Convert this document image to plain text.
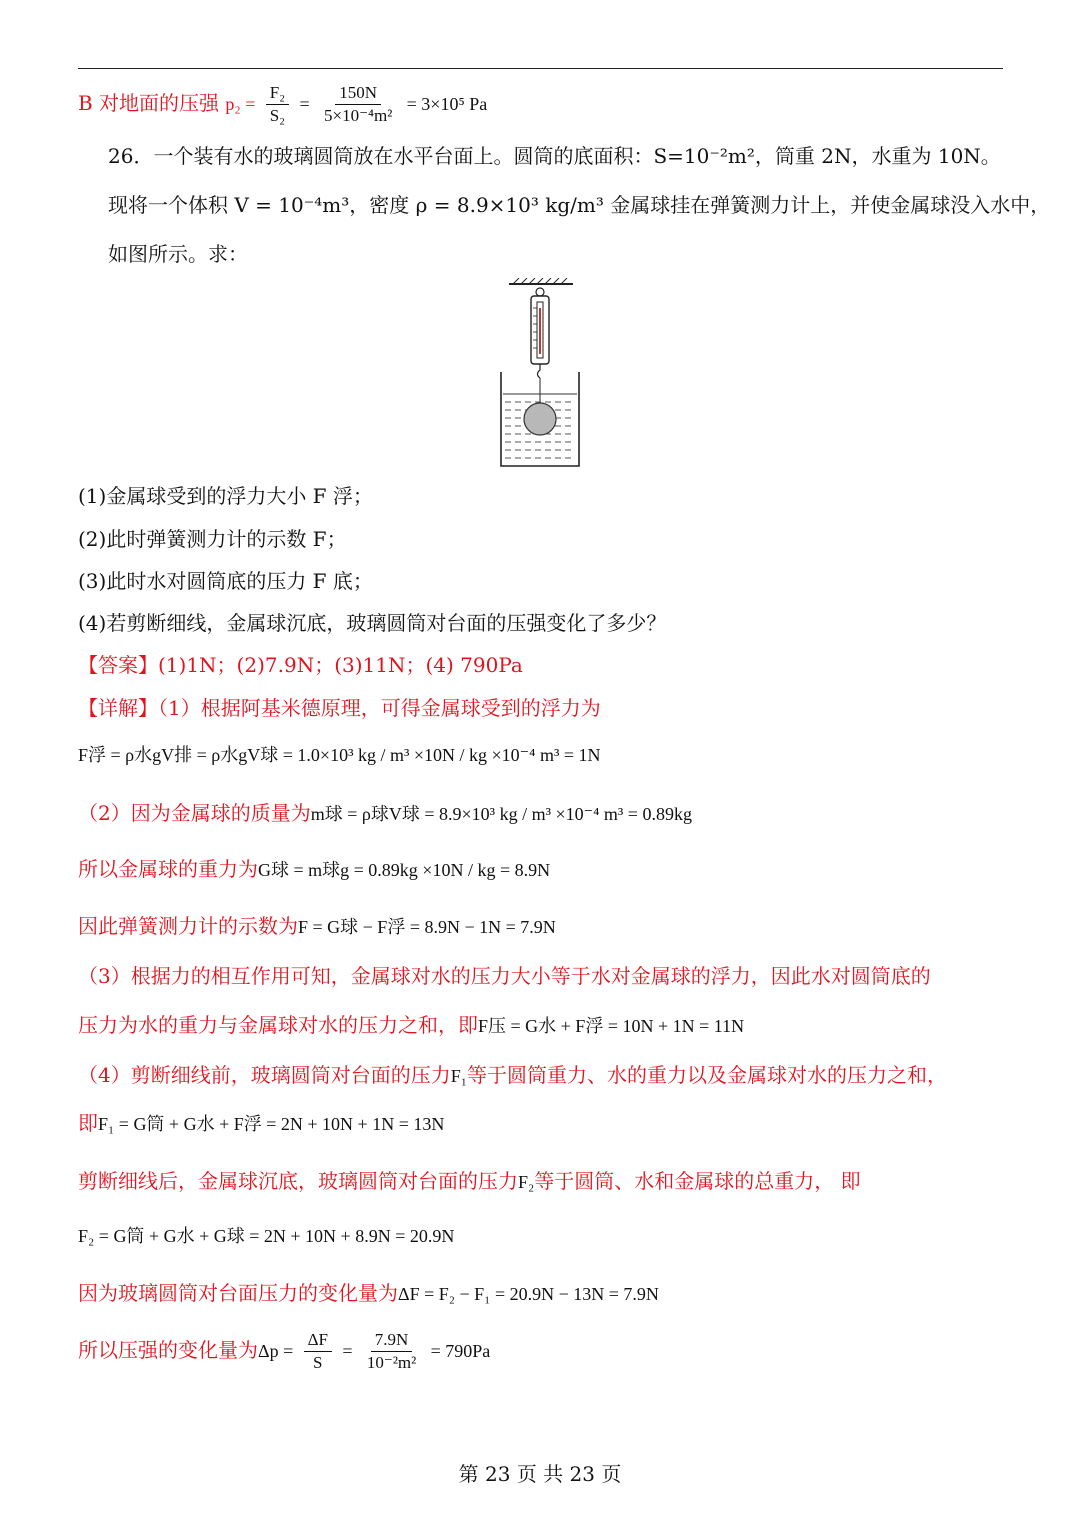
B 对地面的压强 $p_2 = \frac{\text{F₂}}{\text{S₂}} = \frac{150N}{\text{5×10⁻⁴m²}} = 3\times 10^5$ Pa
26．一个装有水的玻璃圆筒放在水平台面上。圆筒的底面积：S=10⁻²m²，筒重 2N，水重为 10N。
现将一个体积 V = 10⁻⁴m³，密度 ρ = 8.9×10³ kg/m³ 金属球挂在弹簧测力计上，并使金属球没入水中，
如图所示。求：
(1)金属球受到的浮力大小 F 浮；
(2)此时弹簧测力计的示数 F；
(3)此时水对圆筒底的压力 F 底；
(4)若剪断细线，金属球沉底，玻璃圆筒对台面的压强变化了多少？
【答案】(1)1N；(2)7.9N；(3)11N；(4) 790Pa
【详解】（1）根据阿基米德原理，可得金属球受到的浮力为
F浮 = ρ水gV排 = ρ水gV球 = 1.0×10³ kg / m³ ×10N / kg ×10⁻⁴ m³ = 1N
（2）因为金属球的质量为m球 = ρ球V球 = 8.9×10³ kg / m³ ×10⁻⁴ m³ = 0.89kg
所以金属球的重力为G球 = m球g = 0.89kg ×10N / kg = 8.9N
因此弹簧测力计的示数为F = G球 − F浮 = 8.9N − 1N = 7.9N
（3）根据力的相互作用可知，金属球对水的压力大小等于水对金属球的浮力，因此水对圆筒底的
压力为水的重力与金属球对水的压力之和，即F压 = G水 + F浮 = 10N + 1N = 11N
（4）剪断细线前，玻璃圆筒对台面的压力F₁等于圆筒重力、水的重力以及金属球对水的压力之和，
即F₁ = G筒 + G水 + F浮 = 2N + 10N + 1N = 13N
剪断细线后，金属球沉底，玻璃圆筒对台面的压力F₂等于圆筒、水和金属球的总重力， 即
F₂ = G筒 + G水 + G球 = 2N + 10N + 8.9N = 20.9N
因为玻璃圆筒对台面压力的变化量为ΔF = F₂ − F₁ = 20.9N − 13N = 7.9N
所以压强的变化量为$\Delta p = \frac{\Delta F}{S} = \frac{7.9N}{\text{10⁻²m²}} = 790Pa$
第 23 页 共 23 页
